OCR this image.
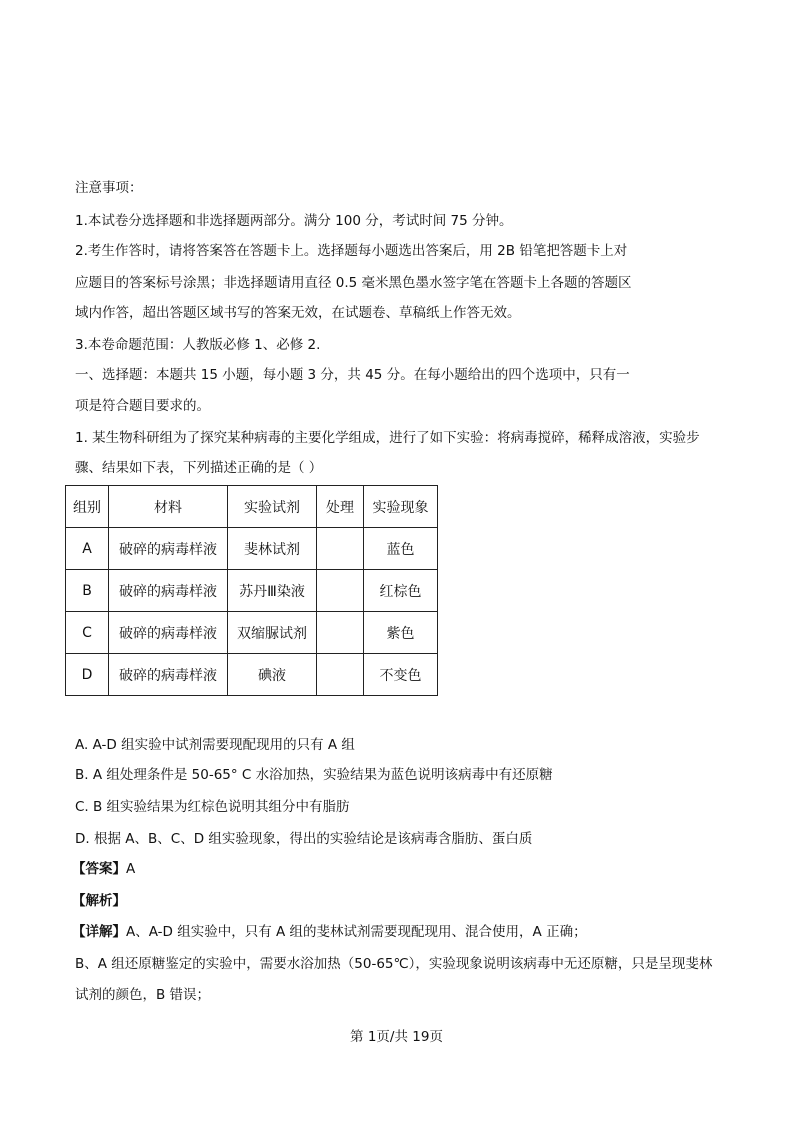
注意事项：
1.本试卷分选择题和非选择题两部分。满分 100 分，考试时间 75 分钟。
2.考生作答时，请将答案答在答题卡上。选择题每小题选出答案后，用 2B 铅笔把答题卡上对
应题目的答案标号涂黑；非选择题请用直径 0.5 毫米黑色墨水签字笔在答题卡上各题的答题区
域内作答，超出答题区域书写的答案无效，在试题卷、草稿纸上作答无效。
3.本卷命题范围：人教版必修 1、必修 2.
一、选择题：本题共 15 小题，每小题 3 分，共 45 分。在每小题给出的四个选项中，只有一
项是符合题目要求的。
1. 某生物科研组为了探究某种病毒的主要化学组成，进行了如下实验：将病毒搅碎，稀释成溶液，实验步
骤、结果如下表，下列描述正确的是（ ）
组别	材料	实验试剂	处理	实验现象
A	破碎的病毒样液	斐林试剂		蓝色
B	破碎的病毒样液	苏丹Ⅲ染液		红棕色
C	破碎的病毒样液	双缩脲试剂		紫色
D	破碎的病毒样液	碘液		不变色
A. A-D 组实验中试剂需要现配现用的只有 A 组
B. A 组处理条件是 50-65° C 水浴加热，实验结果为蓝色说明该病毒中有还原糖
C. B 组实验结果为红棕色说明其组分中有脂肪
D. 根据 A、B、C、D 组实验现象，得出的实验结论是该病毒含脂肪、蛋白质
【答案】A
【解析】
【详解】A、A-D 组实验中，只有 A 组的斐林试剂需要现配现用、混合使用，A 正确；
B、A 组还原糖鉴定的实验中，需要水浴加热（50-65℃），实验现象说明该病毒中无还原糖，只是呈现斐林
试剂的颜色，B 错误；
第 1页/共 19页
